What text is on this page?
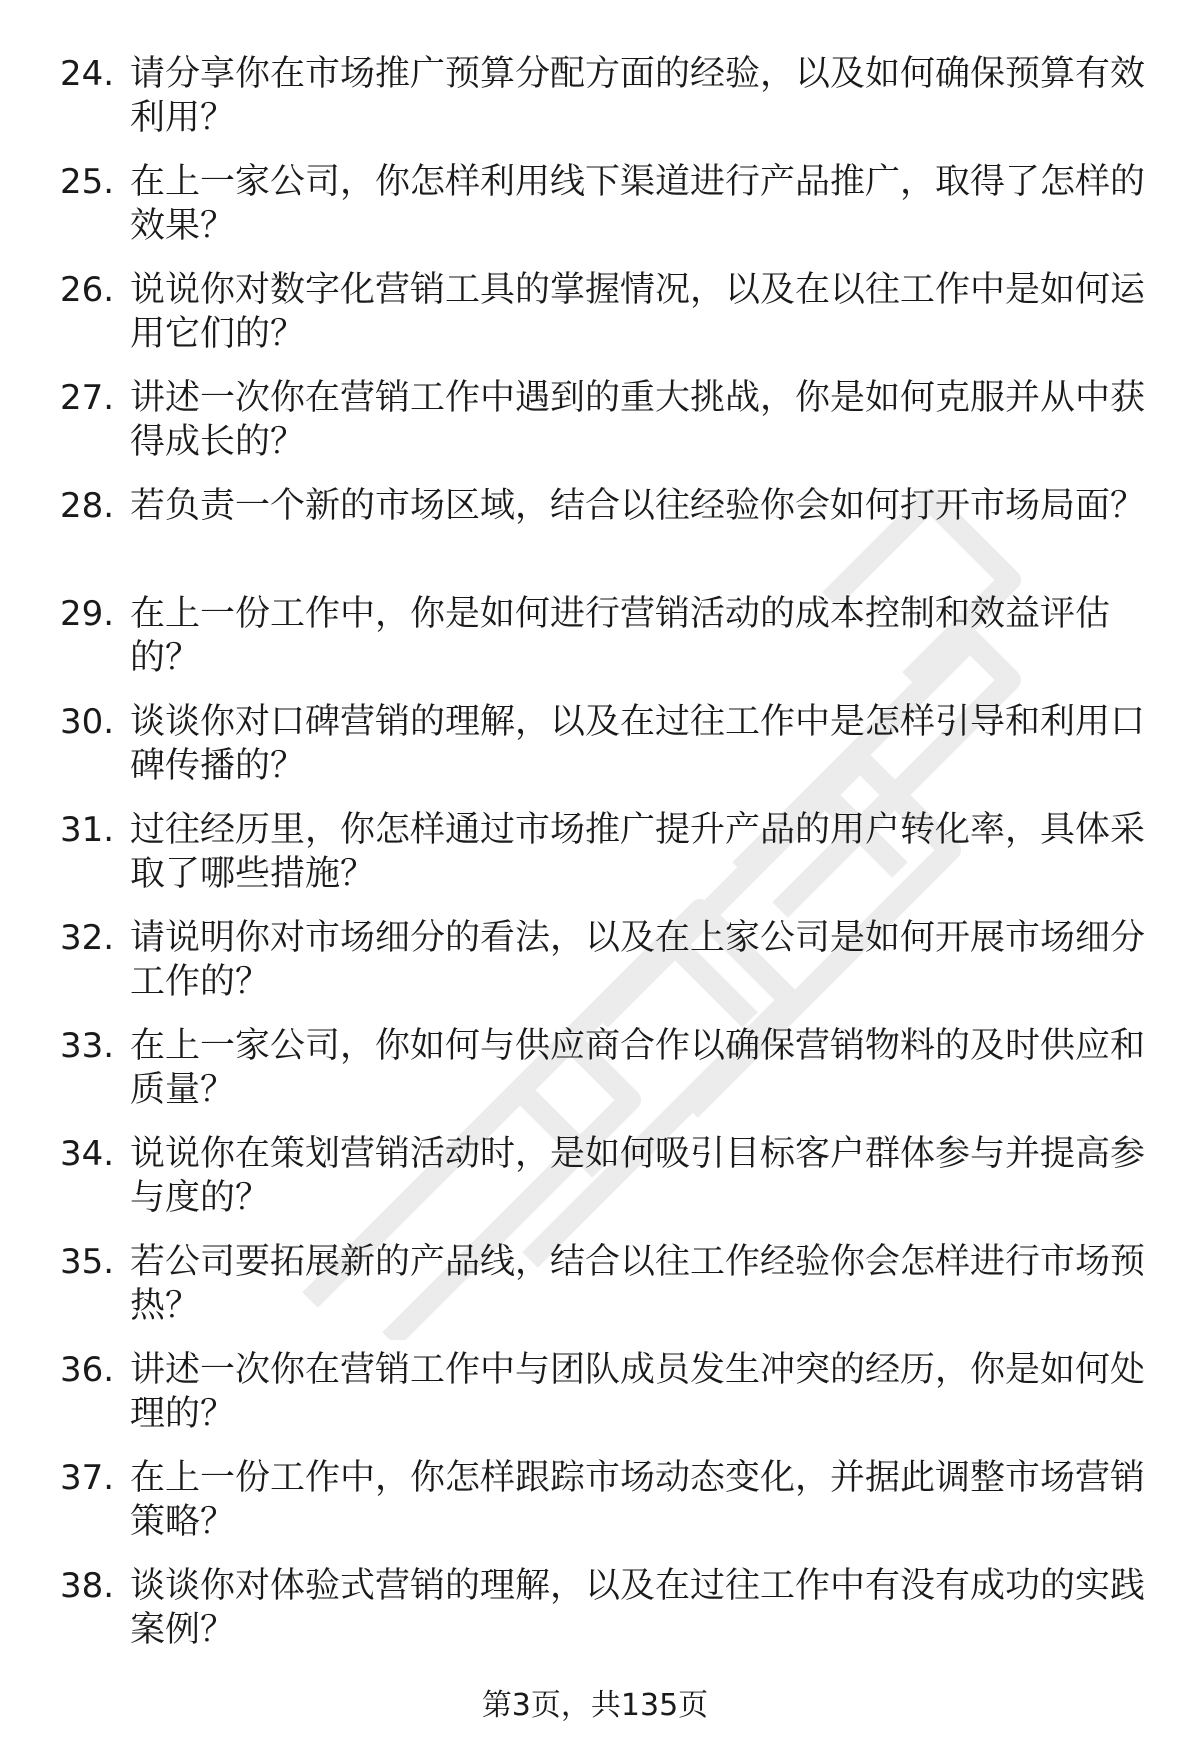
24. 请分享你在市场推广预算分配方面的经验，以及如何确保预算有效利用？
25. 在上一家公司，你怎样利用线下渠道进行产品推广，取得了怎样的效果？
26. 说说你对数字化营销工具的掌握情况，以及在以往工作中是如何运用它们的？
27. 讲述一次你在营销工作中遇到的重大挑战，你是如何克服并从中获得成长的？
28. 若负责一个新的市场区域，结合以往经验你会如何打开市场局面？
29. 在上一份工作中，你是如何进行营销活动的成本控制和效益评估的？
30. 谈谈你对口碑营销的理解，以及在过往工作中是怎样引导和利用口碑传播的？
31. 过往经历里，你怎样通过市场推广提升产品的用户转化率，具体采取了哪些措施？
32. 请说明你对市场细分的看法，以及在上家公司是如何开展市场细分工作的？
33. 在上一家公司，你如何与供应商合作以确保营销物料的及时供应和质量？
34. 说说你在策划营销活动时，是如何吸引目标客户群体参与并提高参与度的？
35. 若公司要拓展新的产品线，结合以往工作经验你会怎样进行市场预热？
36. 讲述一次你在营销工作中与团队成员发生冲突的经历，你是如何处理的？
37. 在上一份工作中，你怎样跟踪市场动态变化，并据此调整市场营销策略？
38. 谈谈你对体验式营销的理解，以及在过往工作中有没有成功的实践案例？
第3页，共135页
